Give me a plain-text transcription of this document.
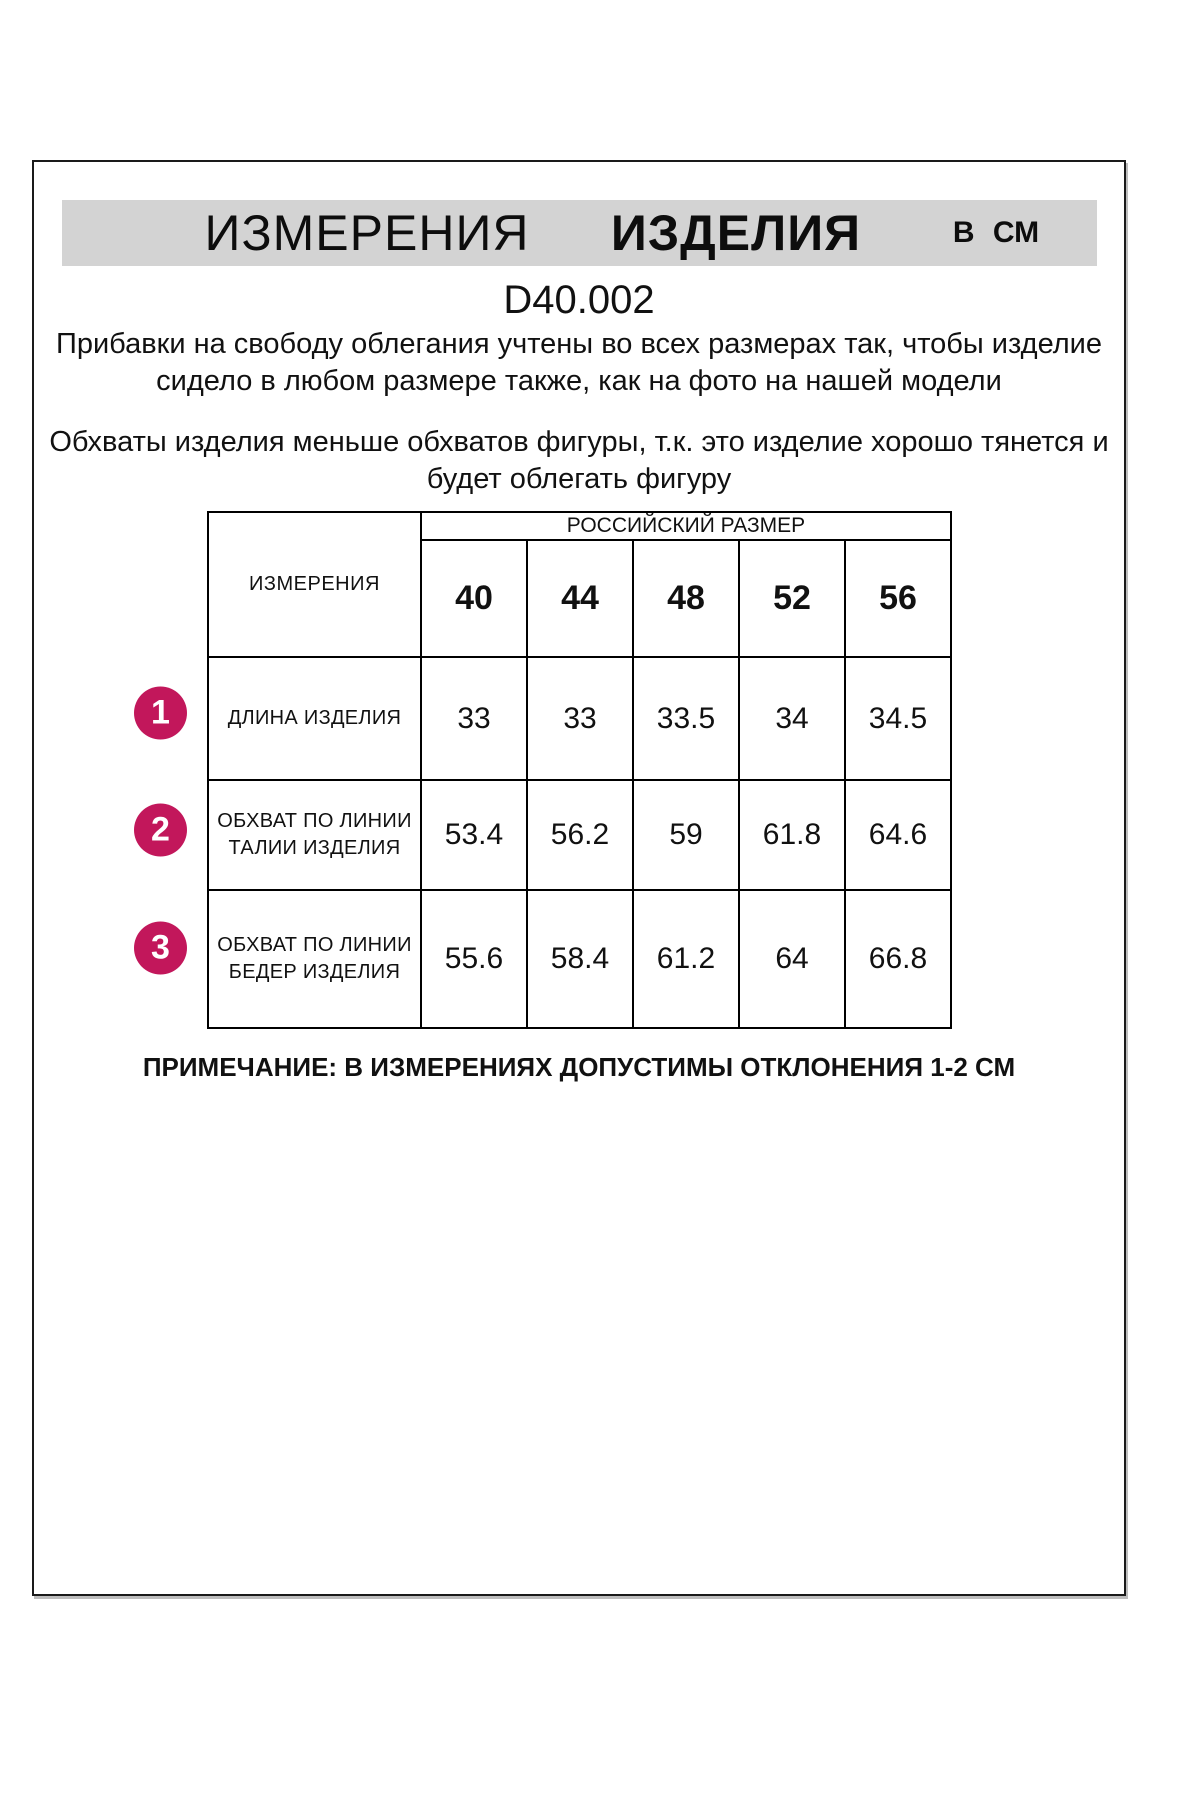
ИЗМЕРЕНИЯ ИЗДЕЛИЯ	В СМ
D40.002
Прибавки на свободу облегания учтены во всех размерах так, чтобы изделие сидело в любом размере также, как на фото на нашей модели
Обхваты изделия меньше обхватов фигуры, т.к. это изделие хорошо тянется и будет облегать фигуру
ИЗМЕРЕНИЯ	РОССИЙСКИЙ РАЗМЕР				
	40	44	48	52	56

ДЛИНА ИЗДЕЛИЯ	33	33	33.5	34	34.5

ОБХВАТ ПО ЛИНИИ
ТАЛИИ ИЗДЕЛИЯ	53.4	56.2	59	61.8	64.6

ОБХВАТ ПО ЛИНИИ
БЕДЕР ИЗДЕЛИЯ	55.6	58.4	61.2	64	66.8
1
2
3
ПРИМЕЧАНИЕ: В ИЗМЕРЕНИЯХ ДОПУСТИМЫ ОТКЛОНЕНИЯ 1-2 СМ
